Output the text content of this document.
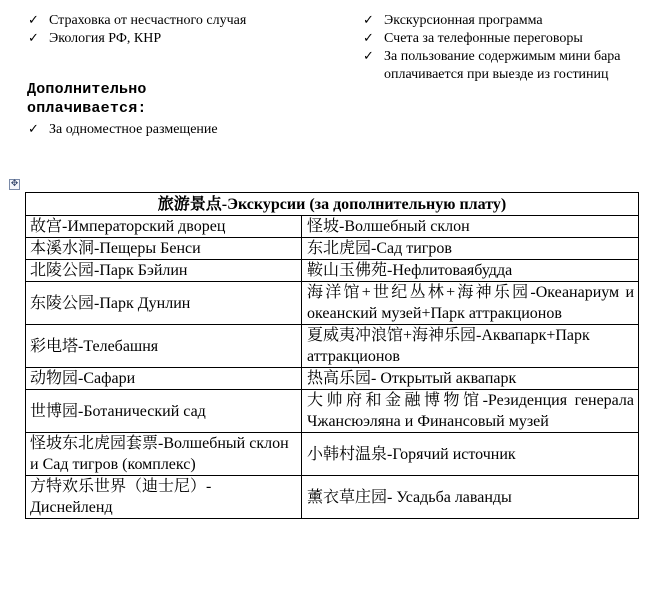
✓ Страховка от несчастного случая
✓ Экология РФ, КНР
✓ Экскурсионная программа
✓ Счета за телефонные переговоры
✓ За пользование содержимым мини бара оплачивается при выезде из гостиниц
Дополнительно оплачивается:
✓ За одноместное размещение
✥
旅游景点-Экскурсии (за дополнительную плату)	
故宫-Императорский дворец	怪坡-Волшебный склон
本溪水洞-Пещеры Бенси	东北虎园-Сад тигров
北陵公园-Парк Бэйлин	鞍山玉佛苑-Нефлитоваябудда
东陵公园-Парк Дунлин	海洋馆+世纪丛林+海神乐园-Океанариум и океанский музей+Парк аттракционов
彩电塔-Телебашня	夏威夷冲浪馆+海神乐园-Аквапарк+Парк аттракционов
动物园-Сафари	热高乐园- Открытый аквапарк
世博园-Ботанический сад	大帅府和金融博物馆-Резиденция генерала Чжансюэляна и Финансовый музей
怪坡东北虎园套票-Волшебный склон и Сад тигров (комплекс)	小韩村温泉-Горячий источник
方特欢乐世界（迪士尼）- Диснейленд	薰衣草庄园- Усадьба лаванды
